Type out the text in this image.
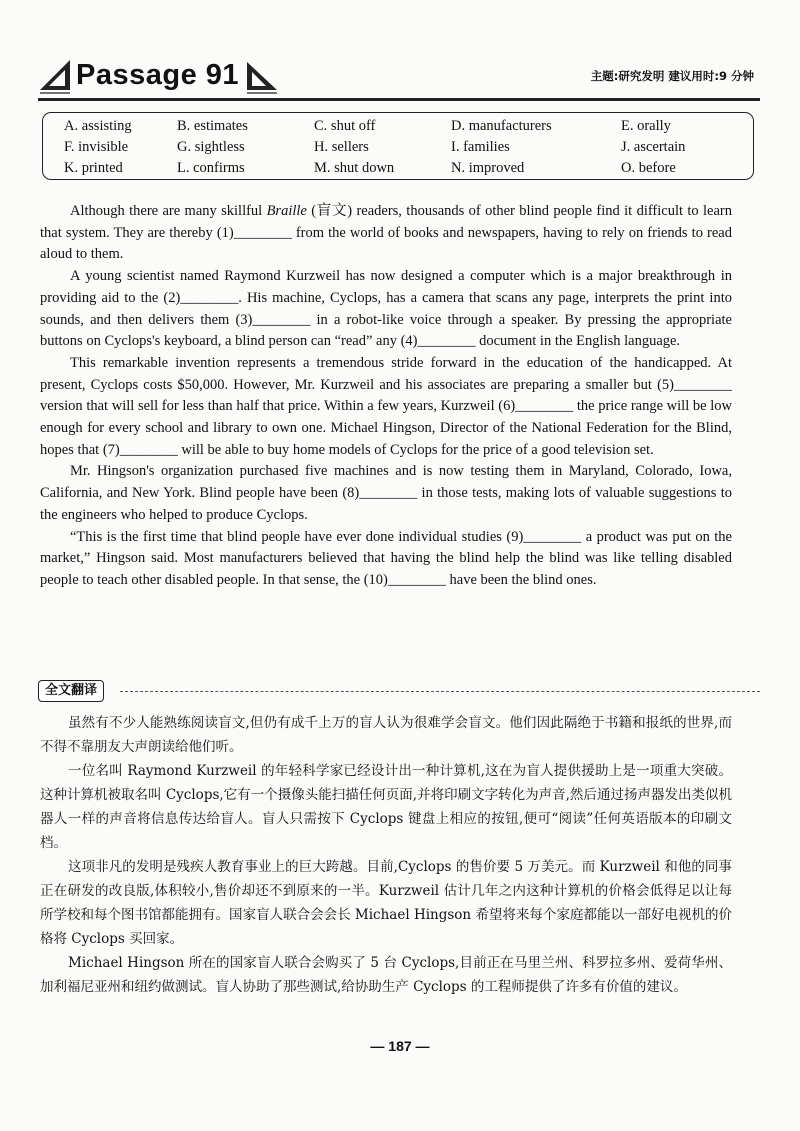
Passage 91	主题:研究发明 建议用时:9 分钟
A. assisting	B. estimates	C. shut off	D. manufacturers	E. orally
F. invisible	G. sightless	H. sellers	I. families	J. ascertain
K. printed	L. confirms	M. shut down	N. improved	O. before

Although there are many skillful Braille (盲文) readers, thousands of other blind people find it difficult to learn that system. They are thereby (1)________ from the world of books and newspapers, having to rely on friends to read aloud to them.

A young scientist named Raymond Kurzweil has now designed a computer which is a major breakthrough in providing aid to the (2)________. His machine, Cyclops, has a camera that scans any page, interprets the print into sounds, and then delivers them (3)________ in a robot-like voice through a speaker. By pressing the appropriate buttons on Cyclops's keyboard, a blind person can “read” any (4)________ document in the English language.

This remarkable invention represents a tremendous stride forward in the education of the handicapped. At present, Cyclops costs $50,000. However, Mr. Kurzweil and his associates are preparing a smaller but (5)________ version that will sell for less than half that price. Within a few years, Kurzweil (6)________ the price range will be low enough for every school and library to own one. Michael Hingson, Director of the National Federation for the Blind, hopes that (7)________ will be able to buy home models of Cyclops for the price of a good television set.

Mr. Hingson's organization purchased five machines and is now testing them in Maryland, Colorado, Iowa, California, and New York. Blind people have been (8)________ in those tests, making lots of valuable suggestions to the engineers who helped to produce Cyclops.

“This is the first time that blind people have ever done individual studies (9)________ a product was put on the market,” Hingson said. Most manufacturers believed that having the blind help the blind was like telling disabled people to teach other disabled people. In that sense, the (10)________ have been the blind ones.

全文翻译

虽然有不少人能熟练阅读盲文,但仍有成千上万的盲人认为很难学会盲文。他们因此隔绝于书籍和报纸的世界,而不得不靠朋友大声朗读给他们听。

一位名叫 Raymond Kurzweil 的年轻科学家已经设计出一种计算机,这在为盲人提供援助上是一项重大突破。这种计算机被取名叫 Cyclops,它有一个摄像头能扫描任何页面,并将印刷文字转化为声音,然后通过扬声器发出类似机器人一样的声音将信息传达给盲人。盲人只需按下 Cyclops 键盘上相应的按钮,便可“阅读”任何英语版本的印刷文档。

这项非凡的发明是残疾人教育事业上的巨大跨越。目前,Cyclops 的售价要 5 万美元。而 Kurzweil 和他的同事正在研发的改良版,体积较小,售价却还不到原来的一半。Kurzweil 估计几年之内这种计算机的价格会低得足以让每所学校和每个图书馆都能拥有。国家盲人联合会会长 Michael Hingson 希望将来每个家庭都能以一部好电视机的价格将 Cyclops 买回家。

Michael Hingson 所在的国家盲人联合会购买了 5 台 Cyclops,目前正在马里兰州、科罗拉多州、爱荷华州、加利福尼亚州和纽约做测试。盲人协助了那些测试,给协助生产 Cyclops 的工程师提供了许多有价值的建议。

— 187 —
